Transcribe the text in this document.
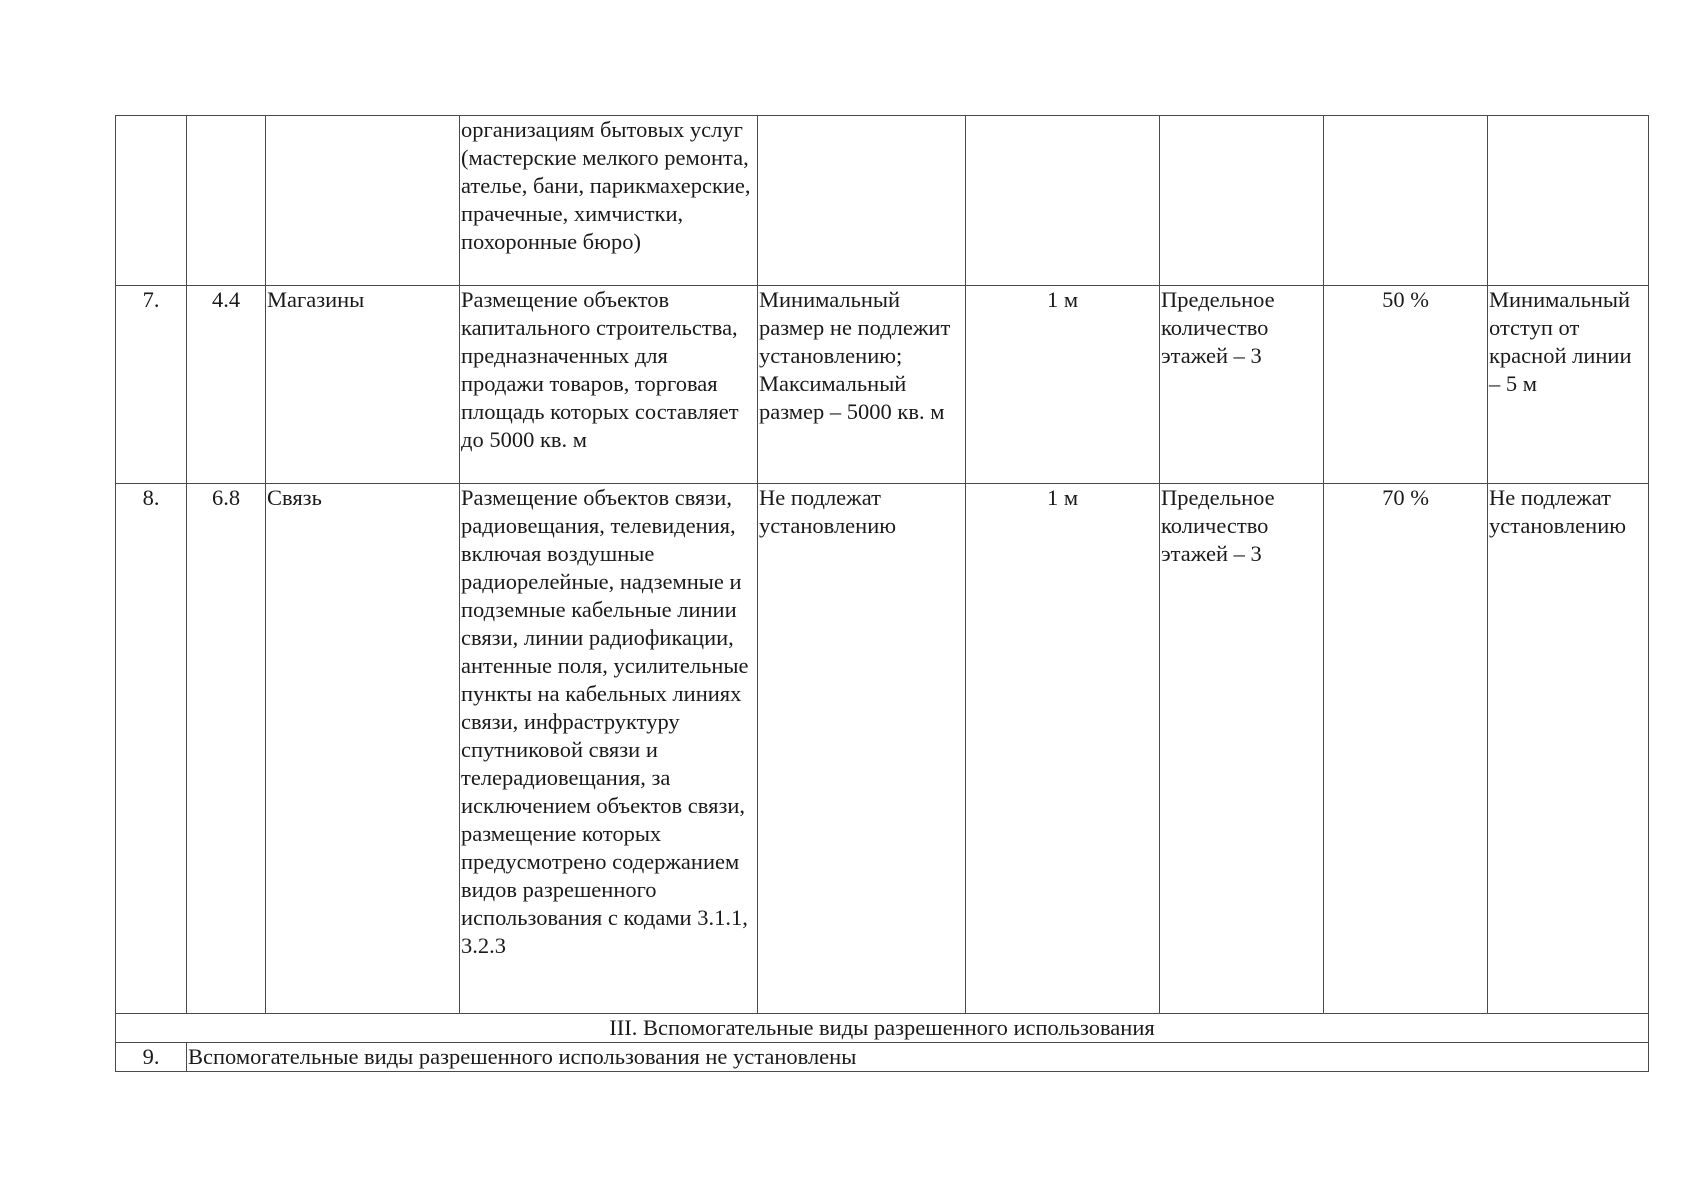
			организациям бытовых услуг (мастерские мелкого ремонта, ателье, бани, парикмахерские, прачечные, химчистки, похоронные бюро)					
7.	4.4	Магазины	Размещение объектов капитального строительства, предназначенных для продажи товаров, торговая площадь которых составляет до 5000 кв. м	Минимальный размер не подлежит установлению; Максимальный размер – 5000 кв. м	1 м	Предельное количество этажей – 3	50 %	Минимальный отступ от красной линии – 5 м
8.	6.8	Связь	Размещение объектов связи, радиовещания, телевидения, включая воздушные радиорелейные, надземные и подземные кабельные линии связи, линии радиофикации, антенные поля, усилительные пункты на кабельных линиях связи, инфраструктуру спутниковой связи и телерадиовещания, за исключением объектов связи, размещение которых предусмотрено содержанием видов разрешенного использования с кодами 3.1.1, 3.2.3	Не подлежат установлению	1 м	Предельное количество этажей – 3	70 %	Не подлежат установлению
III. Вспомогательные виды разрешенного использования								
9.	Вспомогательные виды разрешенного использования не установлены							
